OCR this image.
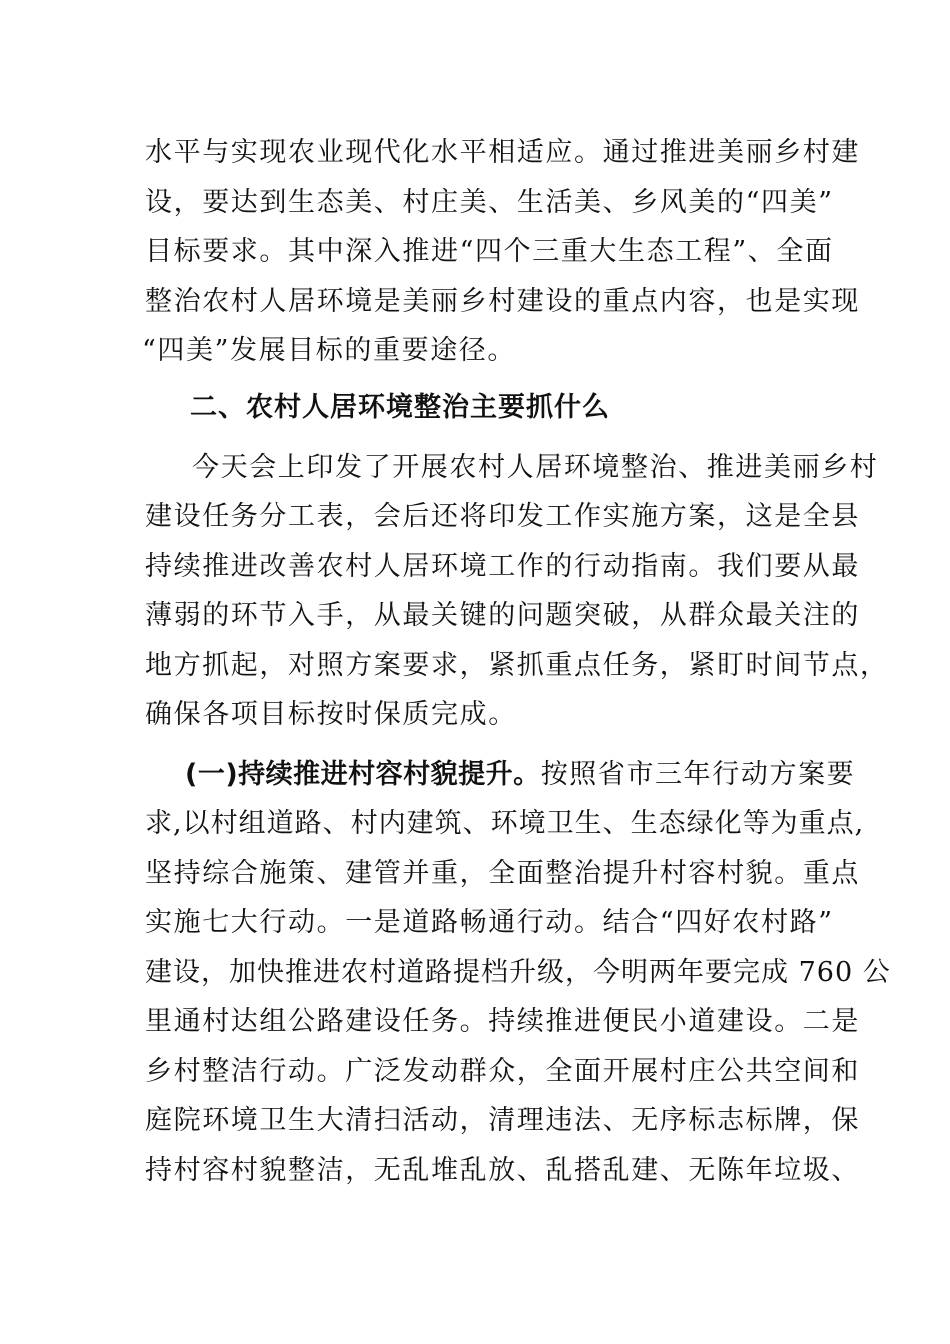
水平与实现农业现代化水平相适应。通过推进美丽乡村建
设，要达到生态美、村庄美、生活美、乡风美的“四美”
目标要求。其中深入推进“四个三重大生态工程”、全面
整治农村人居环境是美丽乡村建设的重点内容，也是实现
“四美”发展目标的重要途径。
二、农村人居环境整治主要抓什么
今天会上印发了开展农村人居环境整治、推进美丽乡村
建设任务分工表，会后还将印发工作实施方案，这是全县
持续推进改善农村人居环境工作的行动指南。我们要从最
薄弱的环节入手，从最关键的问题突破，从群众最关注的
地方抓起，对照方案要求，紧抓重点任务，紧盯时间节点，
确保各项目标按时保质完成。
(一)持续推进村容村貌提升。按照省市三年行动方案要
求,以村组道路、村内建筑、环境卫生、生态绿化等为重点,
坚持综合施策、建管并重，全面整治提升村容村貌。重点
实施七大行动。一是道路畅通行动。结合“四好农村路”
建设，加快推进农村道路提档升级，今明两年要完成 760 公
里通村达组公路建设任务。持续推进便民小道建设。二是
乡村整洁行动。广泛发动群众，全面开展村庄公共空间和
庭院环境卫生大清扫活动，清理违法、无序标志标牌，保
持村容村貌整洁，无乱堆乱放、乱搭乱建、无陈年垃圾、
